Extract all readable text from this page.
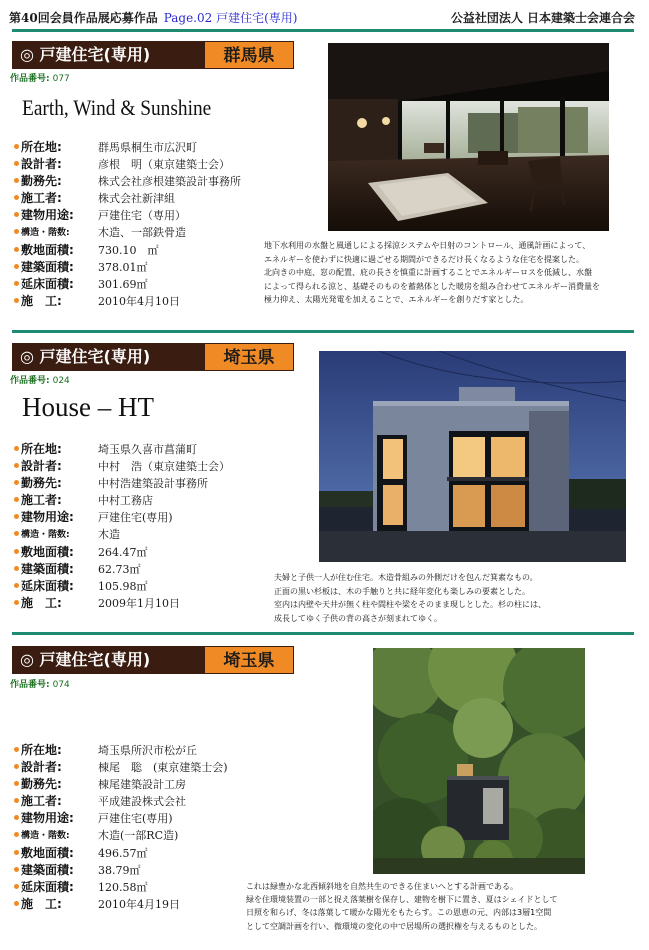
第40回会員作品展応募作品 Page.02 戸建住宅(専用)	公益社団法人 日本建築士会連合会
◎ 戸建住宅(専用)	群馬県
作品番号: 077
Earth, Wind & Sunshine
所在地:	群馬県桐生市広沢町
設計者:	彦根　明（東京建築士会）
勤務先:	株式会社彦根建築設計事務所
施工者:	株式会社新津組
建物用途: 戸建住宅（専用）
構造・階数:	木造、一部鉄骨造
敷地面積: 730.10　㎡
建築面積: 378.01㎡
延床面積: 301.69㎡
施　工:	2010年4月10日
地下水利用の水盤と風通しによる採涼システムや日射のコントロール、通風計画によって、
エネルギーを使わずに快適に過ごせる期間ができるだけ長くなるような住宅を提案した。
北向きの中庭、窓の配置、庇の長さを慎重に計画することでエネルギーロスを低減し、水盤
によって得られる涼と、基礎そのものを蓄熱体とした暖房を組み合わせてエネルギー消費量を
極力抑え、太陽光発電を加えることで、エネルギーを創りだす家とした。
◎ 戸建住宅(専用)	埼玉県
作品番号: 024
House – HT
所在地:	埼玉県久喜市菖蒲町
設計者:	中村　浩（東京建築士会）
勤務先:	中村浩建築設計事務所
施工者:	中村工務店
建物用途: 戸建住宅(専用)
構造・階数:	木造
敷地面積: 264.47㎡
建築面積: 62.73㎡
延床面積: 105.98㎡
施　工:	2009年1月10日
夫婦と子供一人が住む住宅。木造骨組みの外側だけを包んだ箕素なもの。
正面の黒い杉板は、木の手触りと共に経年変化も楽しみの要素とした。
室内は内壁や天井が無く柱や間柱や梁をそのまま現しとした。杉の柱には、
成長してゆく子供の背の高さが刻まれてゆく。
◎ 戸建住宅(専用)	埼玉県
作品番号: 074
所在地:	埼玉県所沢市松が丘
設計者:	棟尾　聡　(東京建築士会)
勤務先:	棟尾建築設計工房
施工者:	平成建設株式会社
建物用途: 戸建住宅(専用)
構造・階数:	木造(一部RC造)
敷地面積: 496.57㎡
建築面積: 38.79㎡
延床面積: 120.58㎡
施　工:	2010年4月19日
これは緑豊かな北西傾斜地を自然共生のできる住まいへとする計画である。
緑を住環境装置の一部と捉え落葉樹を保存し、建物を樹下に置き、夏はシェイドとして
日照を和らげ、冬は落葉して暖かな陽光をもたらす。この恩恵の元、内部は3層1空間
として空調計画を行い、微環境の変化の中で居場所の選択権を与えるものとした。
